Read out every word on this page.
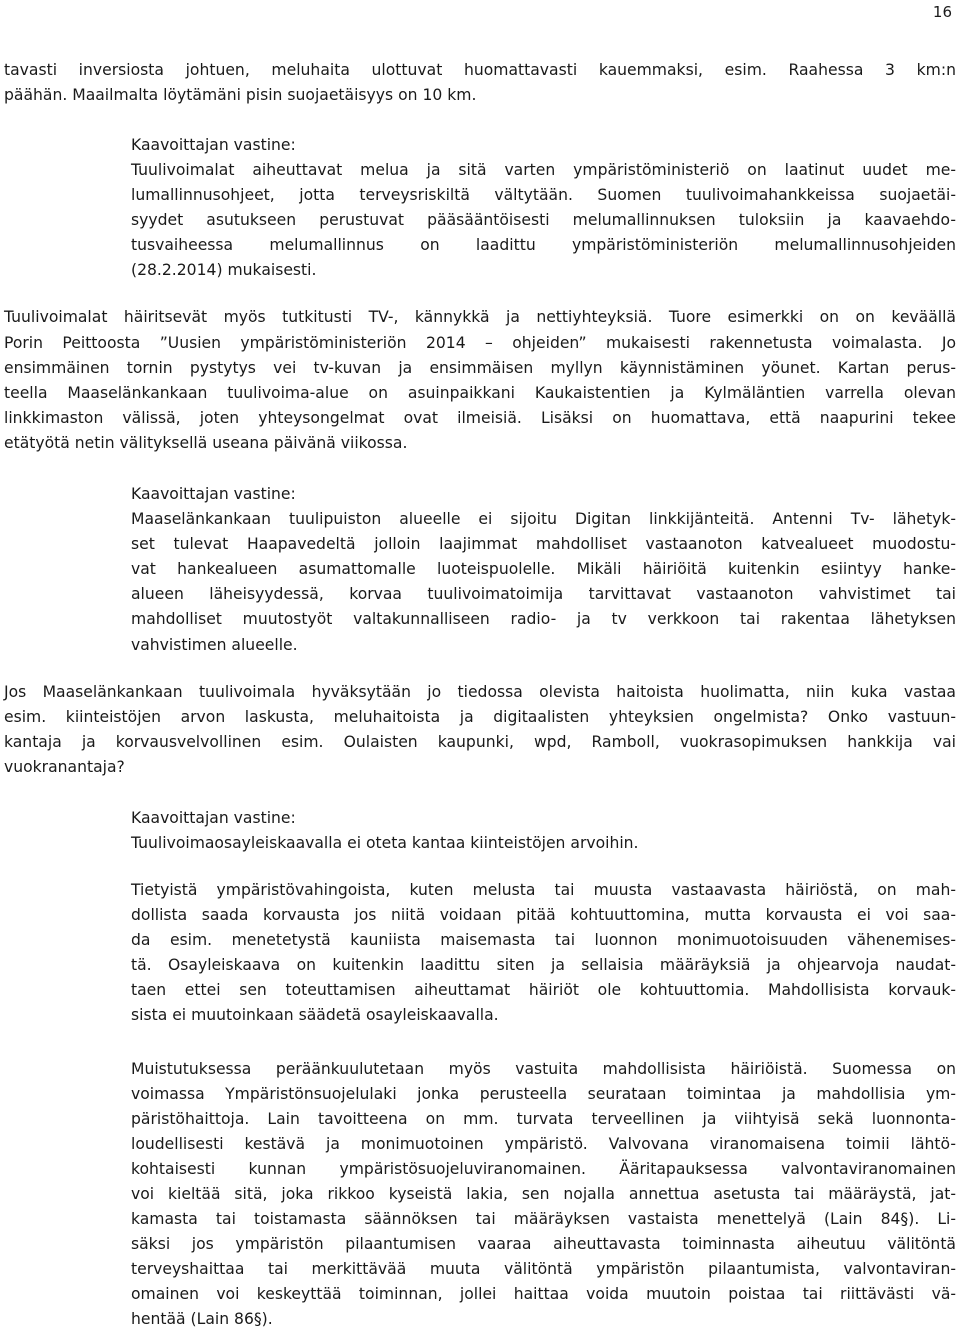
16
tavasti inversiosta johtuen, meluhaita ulottuvat huomattavasti kauemmaksi, esim. Raahessa 3 km:n
päähän. Maailmalta löytämäni pisin suojaetäisyys on 10 km.
Kaavoittajan vastine:
Tuulivoimalat aiheuttavat melua ja sitä varten ympäristöministeriö on laatinut uudet me-
lumallinnusohjeet, jotta terveysriskiltä vältytään. Suomen tuulivoimahankkeissa suojaetäi-
syydet asutukseen perustuvat pääsääntöisesti melumallinnuksen tuloksiin ja kaavaehdo-
tusvaiheessa melumallinnus on laadittu ympäristöministeriön melumallinnusohjeiden
(28.2.2014) mukaisesti.
Tuulivoimalat häiritsevät myös tutkitusti TV-, kännykkä ja nettiyhteyksiä. Tuore esimerkki on on keväällä
Porin Peittoosta ”Uusien ympäristöministeriön 2014 – ohjeiden” mukaisesti rakennetusta voimalasta. Jo
ensimmäinen tornin pystytys vei tv-kuvan ja ensimmäisen myllyn käynnistäminen yöunet. Kartan perus-
teella Maaselänkankaan tuulivoima-alue on asuinpaikkani Kaukaistentien ja Kylmäläntien varrella olevan
linkkimaston välissä, joten yhteysongelmat ovat ilmeisiä. Lisäksi on huomattava, että naapurini tekee
etätyötä netin välityksellä useana päivänä viikossa.
Kaavoittajan vastine:
Maaselänkankaan tuulipuiston alueelle ei sijoitu Digitan linkkijänteitä. Antenni Tv- lähetyk-
set tulevat Haapavedeltä jolloin laajimmat mahdolliset vastaanoton katvealueet muodostu-
vat hankealueen asumattomalle luoteispuolelle. Mikäli häiriöitä kuitenkin esiintyy hanke-
alueen läheisyydessä, korvaa tuulivoimatoimija tarvittavat vastaanoton vahvistimet tai
mahdolliset muutostyöt valtakunnalliseen radio- ja tv verkkoon tai rakentaa lähetyksen
vahvistimen alueelle.
Jos Maaselänkankaan tuulivoimala hyväksytään jo tiedossa olevista haitoista huolimatta, niin kuka vastaa
esim. kiinteistöjen arvon laskusta, meluhaitoista ja digitaalisten yhteyksien ongelmista? Onko vastuun-
kantaja ja korvausvelvollinen esim. Oulaisten kaupunki, wpd, Ramboll, vuokrasopimuksen hankkija vai
vuokranantaja?
Kaavoittajan vastine:
Tuulivoimaosayleiskaavalla ei oteta kantaa kiinteistöjen arvoihin.
Tietyistä ympäristövahingoista, kuten melusta tai muusta vastaavasta häiriöstä, on mah-
dollista saada korvausta jos niitä voidaan pitää kohtuuttomina, mutta korvausta ei voi saa-
da esim. menetetystä kauniista maisemasta tai luonnon monimuotoisuuden vähenemises-
tä. Osayleiskaava on kuitenkin laadittu siten ja sellaisia määräyksiä ja ohjearvoja naudat-
taen ettei sen toteuttamisen aiheuttamat häiriöt ole kohtuuttomia. Mahdollisista korvauk-
sista ei muutoinkaan säädetä osayleiskaavalla.
Muistutuksessa peräänkuulutetaan myös vastuita mahdollisista häiriöistä. Suomessa on
voimassa Ympäristönsuojelulaki jonka perusteella seurataan toimintaa ja mahdollisia ym-
päristöhaittoja. Lain tavoitteena on mm. turvata terveellinen ja viihtyisä sekä luonnonta-
loudellisesti kestävä ja monimuotoinen ympäristö. Valvovana viranomaisena toimii lähtö-
kohtaisesti kunnan ympäristösuojeluviranomainen. Ääritapauksessa valvontaviranomainen
voi kieltää sitä, joka rikkoo kyseistä lakia, sen nojalla annettua asetusta tai määräystä, jat-
kamasta tai toistamasta säännöksen tai määräyksen vastaista menettelyä (Lain 84§). Li-
säksi jos ympäristön pilaantumisen vaaraa aiheuttavasta toiminnasta aiheutuu välitöntä
terveyshaittaa tai merkittävää muuta välitöntä ympäristön pilaantumista, valvontaviran-
omainen voi keskeyttää toiminnan, jollei haittaa voida muutoin poistaa tai riittävästi vä-
hentää (Lain 86§).
